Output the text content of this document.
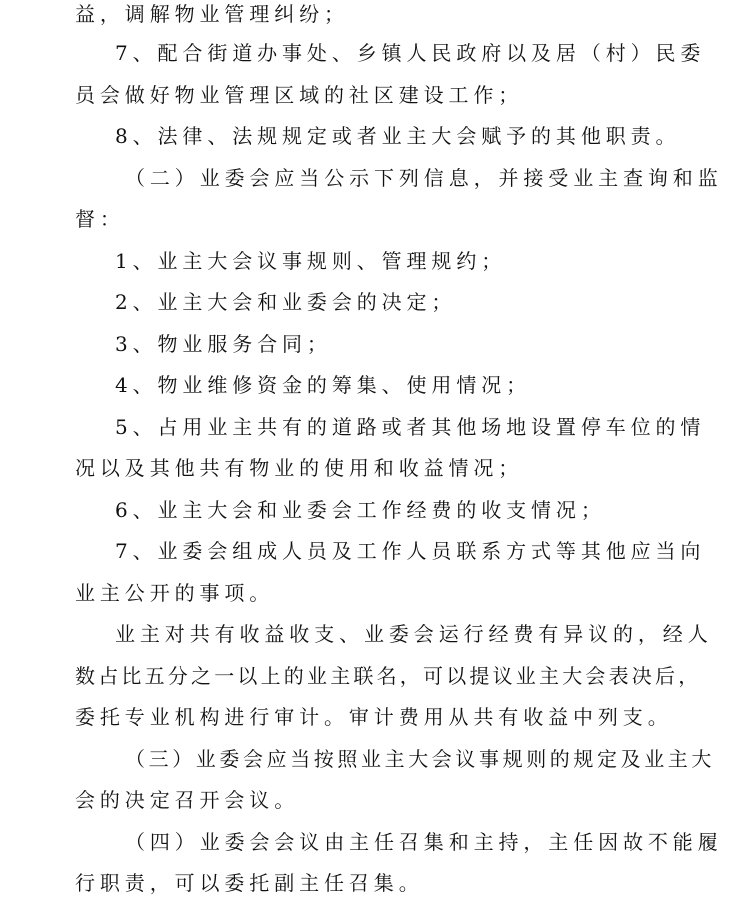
益，调解物业管理纠纷；
7、配合街道办事处、乡镇人民政府以及居（村）民委
员会做好物业管理区域的社区建设工作；
8、法律、法规规定或者业主大会赋予的其他职责。
（二）业委会应当公示下列信息，并接受业主查询和监
督：
1、业主大会议事规则、管理规约；
2、业主大会和业委会的决定；
3、物业服务合同；
4、物业维修资金的筹集、使用情况；
5、占用业主共有的道路或者其他场地设置停车位的情
况以及其他共有物业的使用和收益情况；
6、业主大会和业委会工作经费的收支情况；
7、业委会组成人员及工作人员联系方式等其他应当向
业主公开的事项。
业主对共有收益收支、业委会运行经费有异议的，经人
数占比五分之一以上的业主联名，可以提议业主大会表决后，
委托专业机构进行审计。审计费用从共有收益中列支。
（三）业委会应当按照业主大会议事规则的规定及业主大
会的决定召开会议。
（四）业委会会议由主任召集和主持，主任因故不能履
行职责，可以委托副主任召集。
